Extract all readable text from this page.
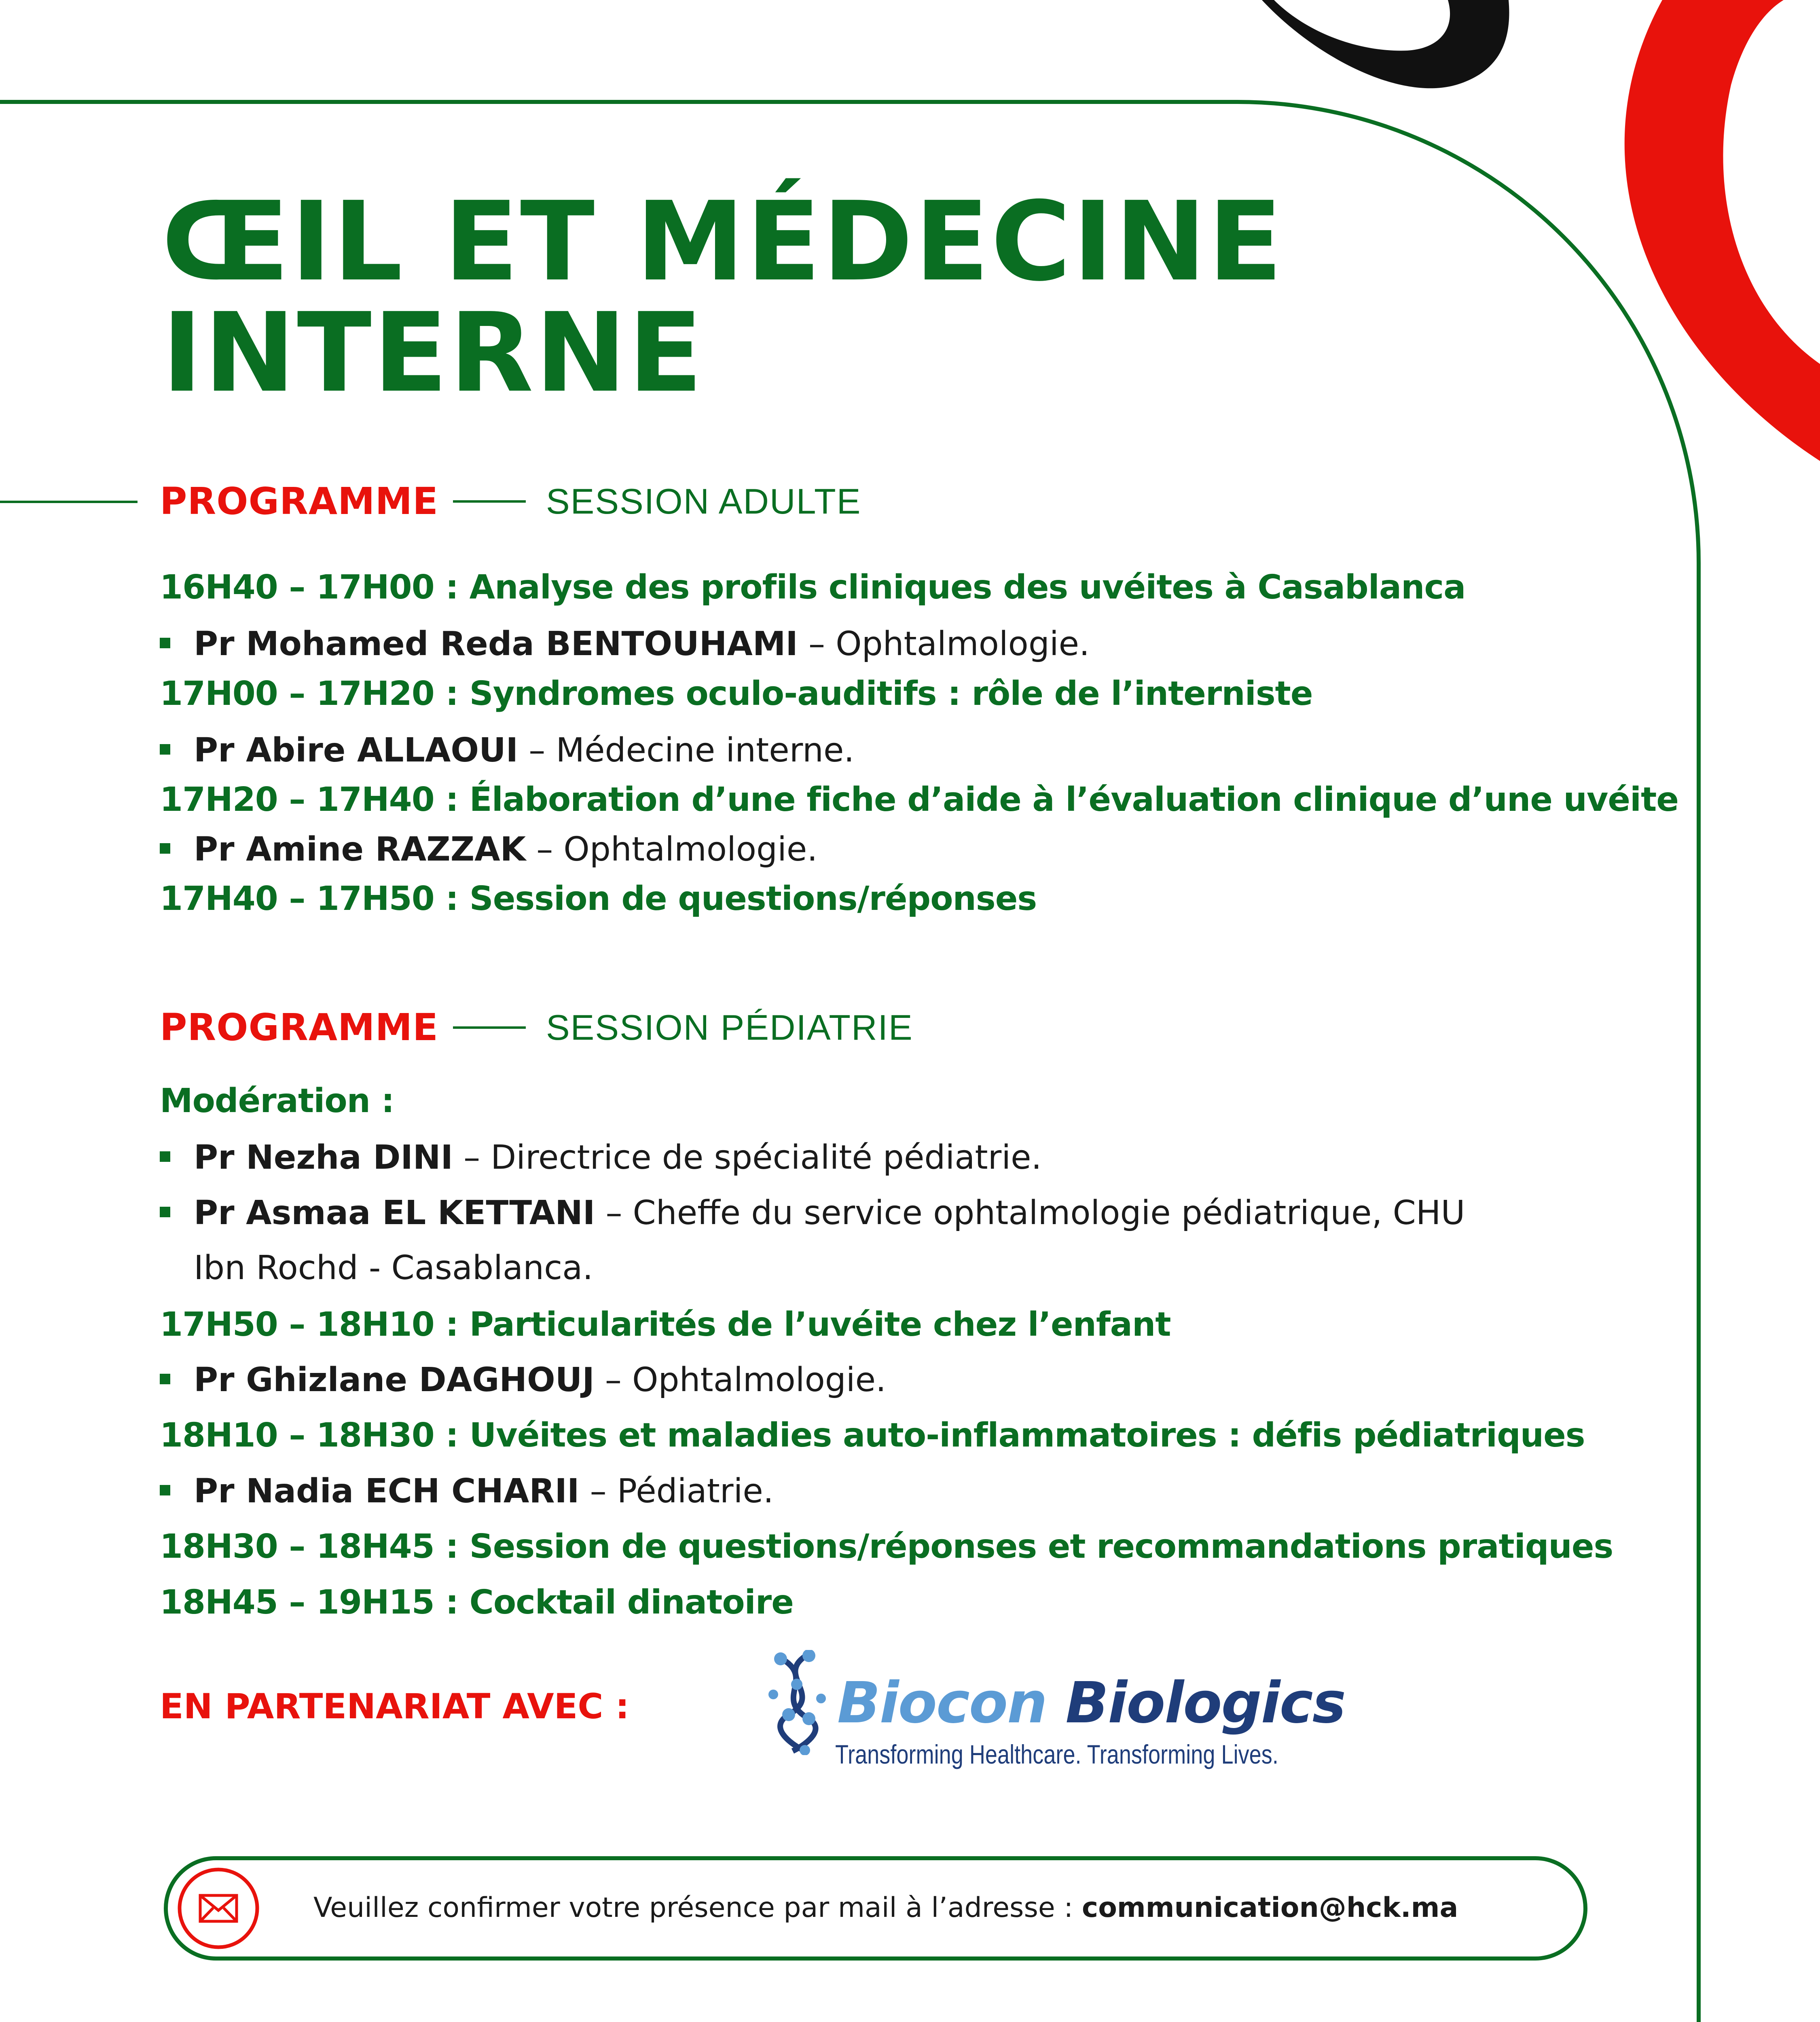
ŒIL ET MÉDECINE
INTERNE
PROGRAMME	SESSION ADULTE
16H40 – 17H00 : Analyse des profils cliniques des uvéites à Casablanca
Pr Mohamed Reda BENTOUHAMI – Ophtalmologie.
17H00 – 17H20 : Syndromes oculo-auditifs : rôle de l’interniste
Pr Abire ALLAOUI – Médecine interne.
17H20 – 17H40 : Élaboration d’une fiche d’aide à l’évaluation clinique d’une uvéite
Pr Amine RAZZAK – Ophtalmologie.
17H40 – 17H50 : Session de questions/réponses
PROGRAMME	SESSION PÉDIATRIE
Modération :
Pr Nezha DINI – Directrice de spécialité pédiatrie.
Pr Asmaa EL KETTANI – Cheffe du service ophtalmologie pédiatrique, CHU
Ibn Rochd - Casablanca.
17H50 – 18H10 : Particularités de l’uvéite chez l’enfant
Pr Ghizlane DAGHOUJ – Ophtalmologie.
18H10 – 18H30 : Uvéites et maladies auto-inflammatoires : défis pédiatriques
Pr Nadia ECH CHARII – Pédiatrie.
18H30 – 18H45 : Session de questions/réponses et recommandations pratiques
18H45 – 19H15 : Cocktail dinatoire
EN PARTENARIAT AVEC :	Biocon Biologics
Transforming Healthcare. Transforming Lives.
Veuillez confirmer votre présence par mail à l’adresse : communication@hck.ma
